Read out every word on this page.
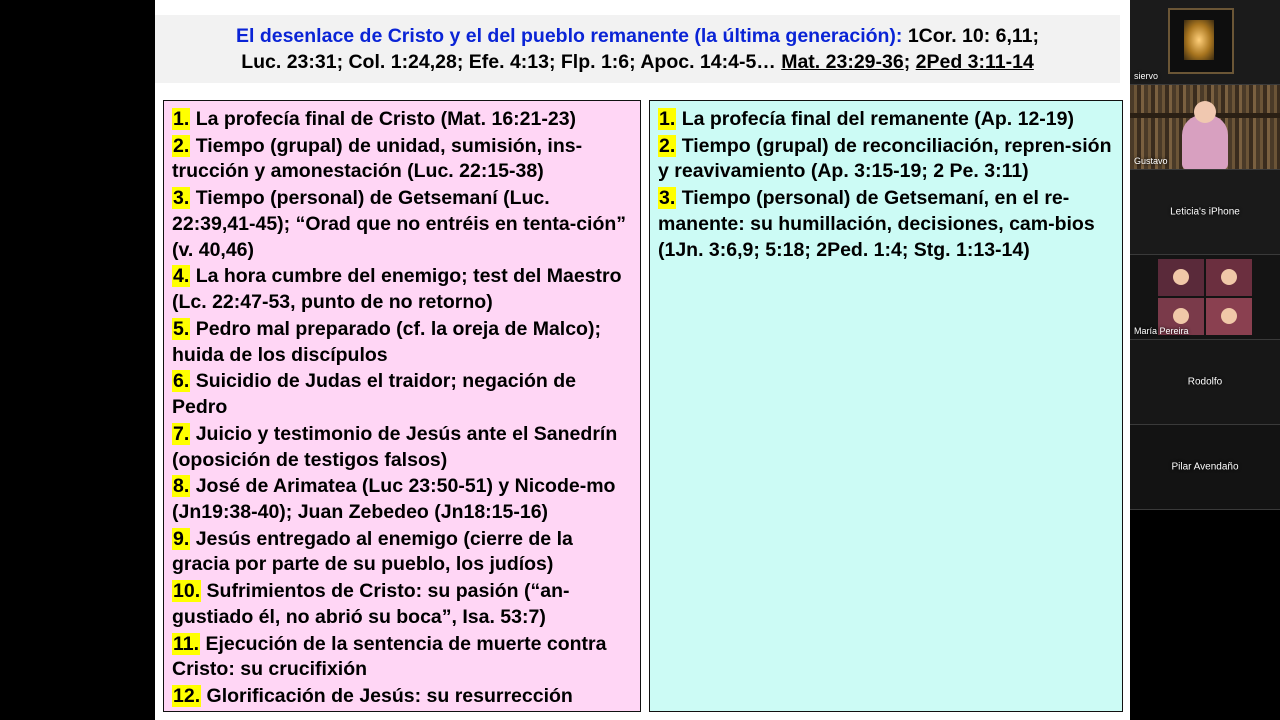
El desenlace de Cristo y el del pueblo remanente (la última generación): 1Cor. 10: 6,11;
Luc. 23:31; Col. 1:24,28; Efe. 4:13; Flp. 1:6; Apoc. 14:4-5… Mat. 23:29-36; 2Ped 3:11-14
1. La profecía final de Cristo (Mat. 16:21-23)
2. Tiempo (grupal) de unidad, sumisión, ins-trucción y amonestación (Luc. 22:15-38)
3. Tiempo (personal) de Getsemaní (Luc. 22:39,41-45); “Orad que no entréis en tenta-ción” (v. 40,46)
4. La hora cumbre del enemigo; test del Maestro (Lc. 22:47-53, punto de no retorno)
5. Pedro mal preparado (cf. la oreja de Malco); huida de los discípulos
6. Suicidio de Judas el traidor; negación de Pedro
7. Juicio y testimonio de Jesús ante el Sanedrín (oposición de testigos falsos)
8. José de Arimatea (Luc 23:50-51) y Nicode-mo (Jn19:38-40); Juan Zebedeo (Jn18:15-16)
9. Jesús entregado al enemigo (cierre de la gracia por parte de su pueblo, los judíos)
10. Sufrimientos de Cristo: su pasión (“an-gustiado él, no abrió su boca”, Isa. 53:7)
11. Ejecución de la sentencia de muerte contra Cristo: su crucifixión
12. Glorificación de Jesús: su resurrección
1. La profecía final del remanente (Ap. 12-19)
2. Tiempo (grupal) de reconciliación, repren-sión y reavivamiento (Ap. 3:15-19; 2 Pe. 3:11)
3. Tiempo (personal) de Getsemaní, en el re-manente: su humillación, decisiones, cam-bios (1Jn. 3:6,9; 5:18; 2Ped. 1:4; Stg. 1:13-14)
siervo
Gustavo
Leticia's iPhone
María Pereira
Rodolfo
Pilar Avendaño
